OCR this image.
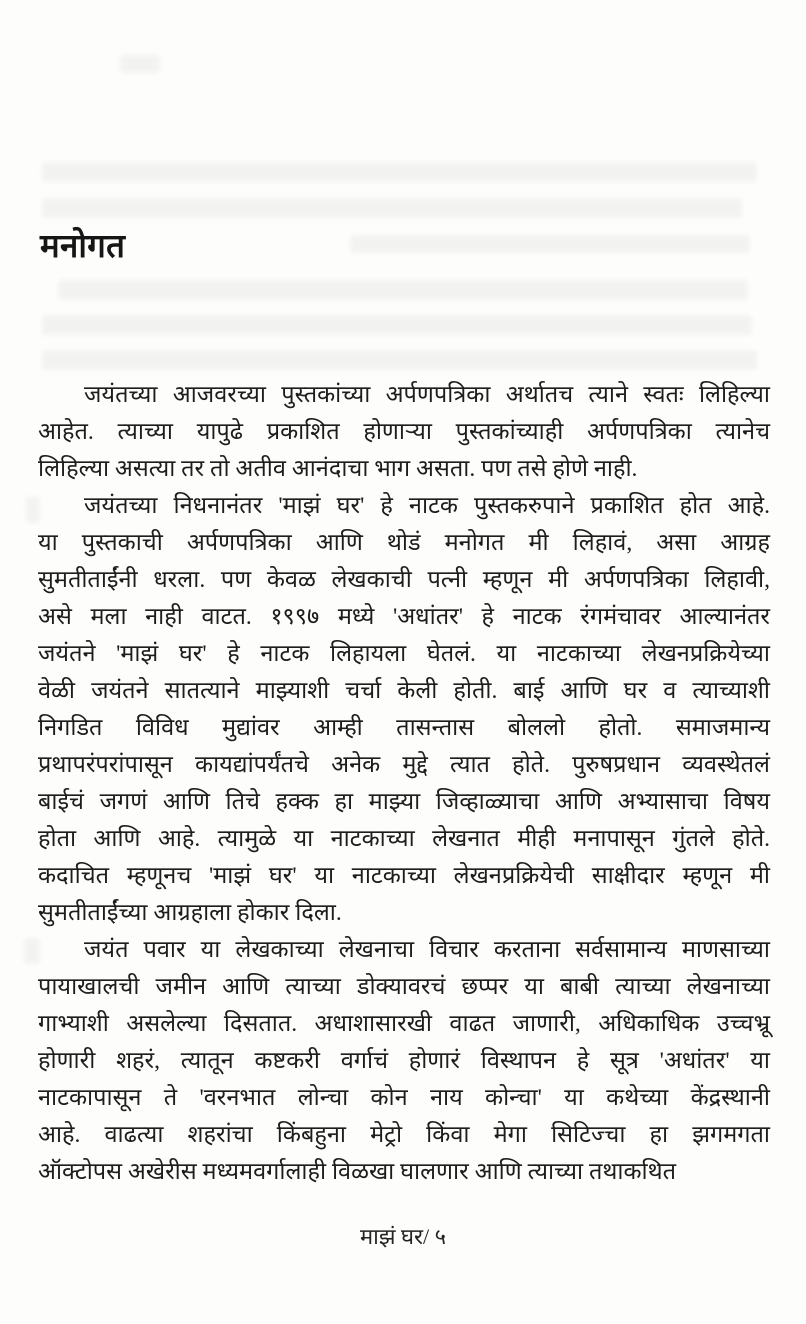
मनोगत

जयंतच्या आजवरच्या पुस्तकांच्या अर्पणपत्रिका अर्थातच त्याने स्वतः लिहिल्या
आहेत. त्याच्या यापुढे प्रकाशित होणाऱ्या पुस्तकांच्याही अर्पणपत्रिका त्यानेच
लिहिल्या असत्या तर तो अतीव आनंदाचा भाग असता. पण तसे होणे नाही.

जयंतच्या निधनानंतर 'माझं घर' हे नाटक पुस्तकरुपाने प्रकाशित होत आहे.
या पुस्तकाची अर्पणपत्रिका आणि थोडं मनोगत मी लिहावं, असा आग्रह
सुमतीताईंनी धरला. पण केवळ लेखकाची पत्नी म्हणून मी अर्पणपत्रिका लिहावी,
असे मला नाही वाटत. १९९७ मध्ये 'अधांतर' हे नाटक रंगमंचावर आल्यानंतर
जयंतने 'माझं घर' हे नाटक लिहायला घेतलं. या नाटकाच्या लेखनप्रक्रियेच्या
वेळी जयंतने सातत्याने माझ्याशी चर्चा केली होती. बाई आणि घर व त्याच्याशी
निगडित विविध मुद्यांवर आम्ही तासन्तास बोललो होतो. समाजमान्य
प्रथापरंपरांपासून कायद्यांपर्यंतचे अनेक मुद्दे त्यात होते. पुरुषप्रधान व्यवस्थेतलं
बाईचं जगणं आणि तिचे हक्क हा माझ्या जिव्हाळ्याचा आणि अभ्यासाचा विषय
होता आणि आहे. त्यामुळे या नाटकाच्या लेखनात मीही मनापासून गुंतले होते.
कदाचित म्हणूनच 'माझं घर' या नाटकाच्या लेखनप्रक्रियेची साक्षीदार म्हणून मी
सुमतीताईंच्या आग्रहाला होकार दिला.

जयंत पवार या लेखकाच्या लेखनाचा विचार करताना सर्वसामान्य माणसाच्या
पायाखालची जमीन आणि त्याच्या डोक्यावरचं छप्पर या बाबी त्याच्या लेखनाच्या
गाभ्याशी असलेल्या दिसतात. अधाशासारखी वाढत जाणारी, अधिकाधिक उच्चभ्रू
होणारी शहरं, त्यातून कष्टकरी वर्गाचं होणारं विस्थापन हे सूत्र 'अधांतर' या
नाटकापासून ते 'वरनभात लोन्चा कोन नाय कोन्चा' या कथेच्या केंद्रस्थानी
आहे. वाढत्या शहरांचा किंबहुना मेट्रो किंवा मेगा सिटिज्चा हा झगमगता
ऑक्टोपस अखेरीस मध्यमवर्गालाही विळखा घालणार आणि त्याच्या तथाकथित

माझं घर/ ५
